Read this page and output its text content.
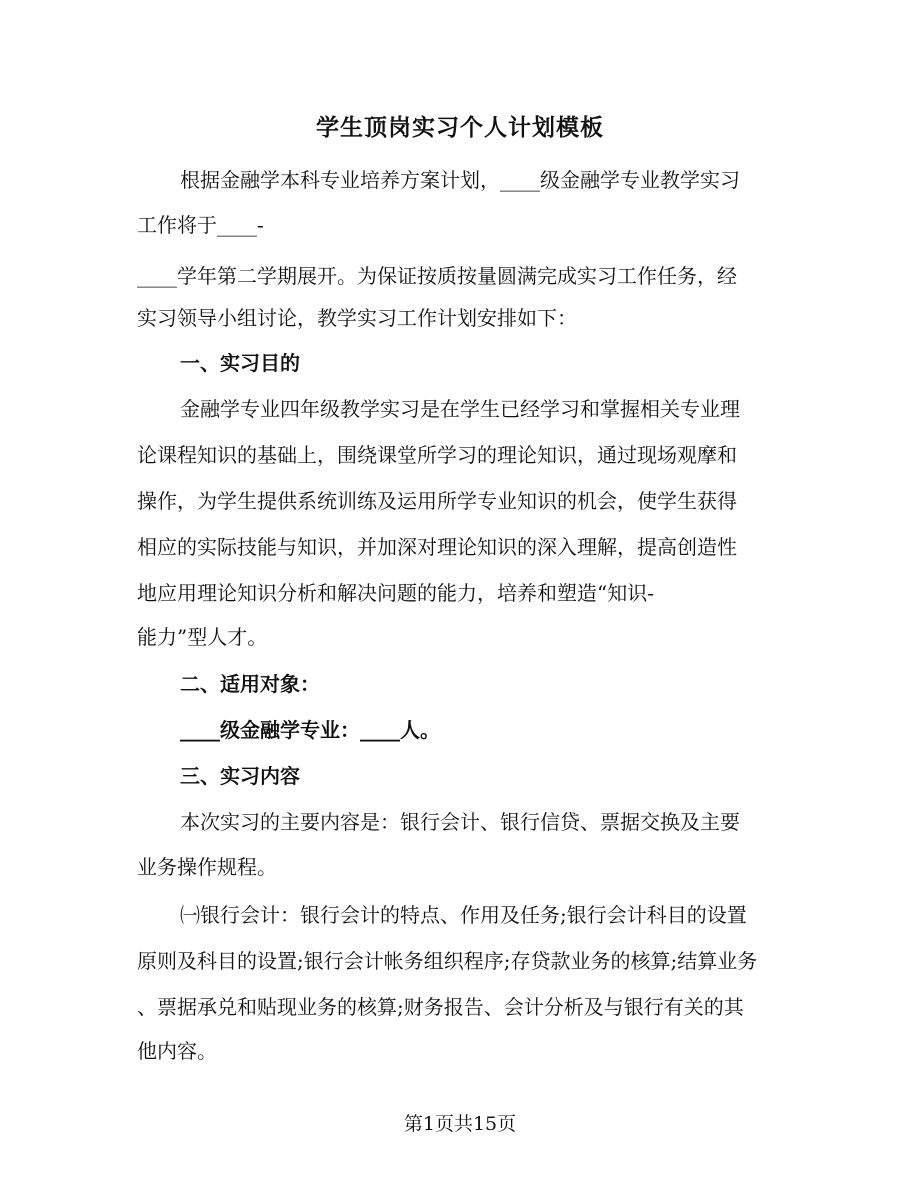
学生顶岗实习个人计划模板

根据金融学本科专业培养方案计划，____级金融学专业教学实习

工作将于____-

____学年第二学期展开。为保证按质按量圆满完成实习工作任务，经

实习领导小组讨论，教学实习工作计划安排如下：

一、实习目的

金融学专业四年级教学实习是在学生已经学习和掌握相关专业理

论课程知识的基础上，围绕课堂所学习的理论知识，通过现场观摩和

操作，为学生提供系统训练及运用所学专业知识的机会，使学生获得

相应的实际技能与知识，并加深对理论知识的深入理解，提高创造性

地应用理论知识分析和解决问题的能力，培养和塑造“知识-

能力”型人才。

二、适用对象：

____级金融学专业：____人。

三、实习内容

本次实习的主要内容是：银行会计、银行信贷、票据交换及主要

业务操作规程。

㈠银行会计：银行会计的特点、作用及任务;银行会计科目的设置

原则及科目的设置;银行会计帐务组织程序;存贷款业务的核算;结算业务

、票据承兑和贴现业务的核算;财务报告、会计分析及与银行有关的其

他内容。

第1页共15页
